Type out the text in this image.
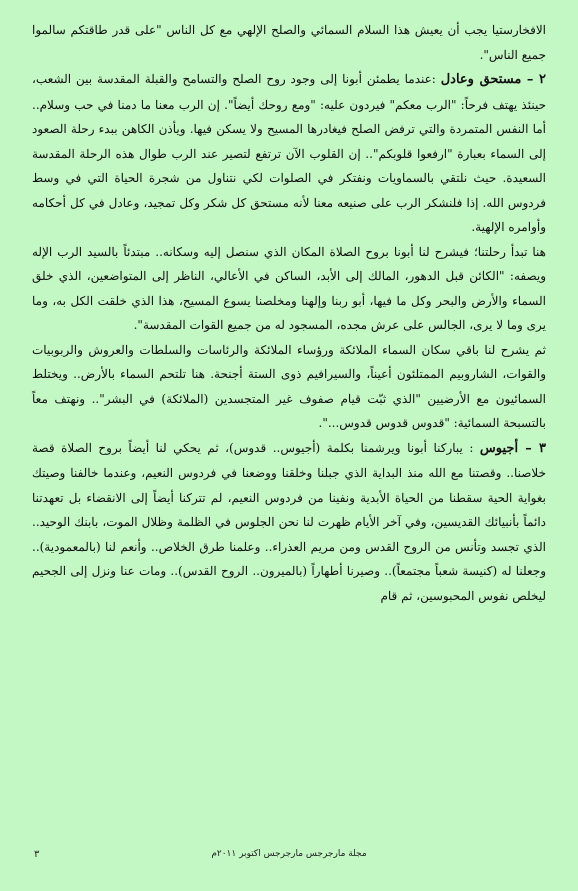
الافخارستيا يجب أن يعيش هذا السلام السمائي والصلح الإلهي مع كل الناس "على قدر طاقتكم سالموا جميع الناس".

٢ – مستحق وعادل :عندما يطمئن أبونا إلى وجود روح الصلح والتسامح والقبلة المقدسة بين الشعب، حينئذ يهتف فرحاً: "الرب معكم" فيردون عليه: "ومع روحك أيضاً". إن الرب معنا ما دمنا في حب وسلام.. أما النفس المتمردة والتي ترفض الصلح فيغادرها المسيح ولا يسكن فيها. ويأذن الكاهن ببدء رحلة الصعود إلى السماء بعبارة "ارفعوا قلوبكم".. إن القلوب الآن ترتفع لتصير عند الرب طوال هذه الرحلة المقدسة السعيدة. حيث نلتقي بالسماويات ونفتكر في الصلوات لكي نتناول من شجرة الحياة التي في وسط فردوس الله. إذا فلنشكر الرب على صنيعه معنا لأنه مستحق كل شكر وكل تمجيد، وعادل في كل أحكامه وأوامره الإلهية.

هنا تبدأ رحلتنا؛ فيشرح لنا أبونا بروح الصلاة المكان الذي سنصل إليه وسكانه.. مبتدئاً بالسيد الرب الإله ويصفه: "الكائن قبل الدهور، المالك إلى الأبد، الساكن في الأعالي، الناظر إلى المتواضعين، الذي خلق السماء والأرض والبحر وكل ما فيها، أبو ربنا وإلهنا ومخلصنا يسوع المسيح، هذا الذي خلقت الكل به، وما يرى وما لا يرى، الجالس على عرش مجده، المسجود له من جميع القوات المقدسة".

ثم يشرح لنا باقي سكان السماء الملائكة ورؤساء الملائكة والرئاسات والسلطات والعروش والربوبيات والقوات، الشاروبيم الممتلئون أعيناً، والسيرافيم ذوى الستة أجنحة. هنا تلتحم السماء بالأرض.. ويختلط السمائيون مع الأرضيين "الذي ثبّت قيام صفوف غير المتجسدين (الملائكة) في البشر".. ونهتف معاً بالتسبحة السمائية: "قدوس قدوس قدوس...".

٣ – أجيوس : يباركنا أبونا ويرشمنا بكلمة (أجيوس.. قدوس)، ثم يحكي لنا أيضاً بروح الصلاة قصة خلاصنا.. وقصتنا مع الله منذ البداية الذي جبلنا وخلقنا ووضعنا في فردوس النعيم، وعندما خالفنا وصيتك بغواية الحية سقطنا من الحياة الأبدية ونفينا من فردوس النعيم، لم تتركنا أيضاً إلى الانقضاء بل تعهدتنا دائماً بأنبيائك القديسين، وفي آخر الأيام ظهرت لنا نحن الجلوس في الظلمة وظلال الموت، بابنك الوحيد.. الذي تجسد وتأنس من الروح القدس ومن مريم العذراء.. وعلمنا طرق الخلاص.. وأنعم لنا (بالمعمودية).. وجعلنا له (كنيسة شعباً مجتمعاً).. وصيرنا أطهاراً (بالميرون.. الروح القدس).. ومات عنا ونزل إلى الجحيم ليخلص نفوس المحبوسين، ثم قام

مجلة مارجرجس مارجرجس اكتوبر ٢٠١١م
٣
